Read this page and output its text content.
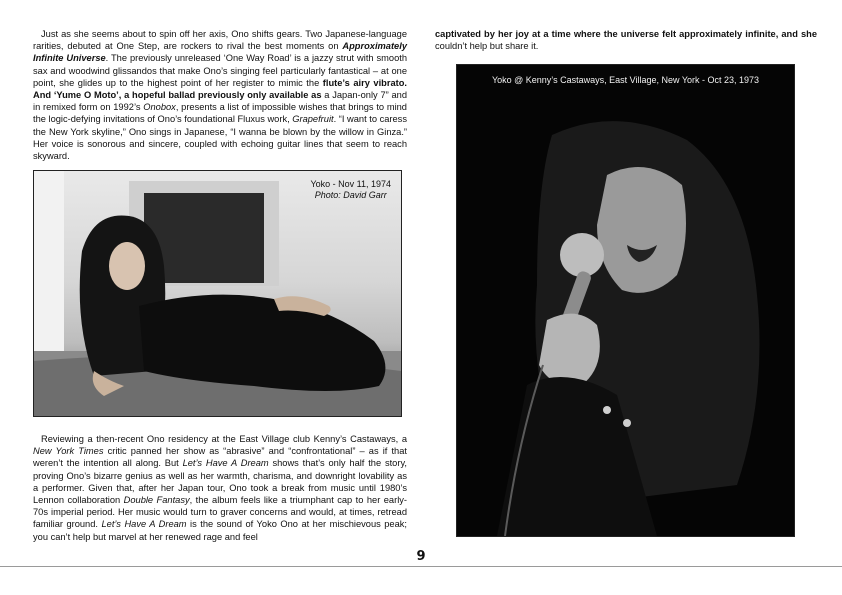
Just as she seems about to spin off her axis, Ono shifts gears. Two Japanese-language rarities, debuted at One Step, are rockers to rival the best moments on Approximately Infinite Universe. The previously unreleased ‘One Way Road’ is a jazzy strut with smooth sax and woodwind glissandos that make Ono’s singing feel particularly fantastical – at one point, she glides up to the highest point of her register to mimic the flute’s airy vibrato. And ‘Yume O Moto’, a hopeful ballad previously only available as a Japan-only 7” and in remixed form on 1992’s Onobox, presents a list of impossible wishes that brings to mind the logic-defying invitations of Ono’s foundational Fluxus work, Grapefruit. “I want to caress the New York skyline,” Ono sings in Japanese, “I wanna be blown by the willow in Ginza.” Her voice is sonorous and sincere, coupled with echoing guitar lines that seem to reach skyward.

Yoko - Nov 11, 1974
Photo: David Garr

Reviewing a then-recent Ono residency at the East Village club Kenny’s Castaways, a New York Times critic panned her show as “abrasive” and “confrontational” – as if that weren’t the intention all along. But Let’s Have A Dream shows that’s only half the story, proving Ono’s bizarre genius as well as her warmth, charisma, and downright lovability as a performer. Given that, after her Japan tour, Ono took a break from music until 1980’s Lennon collaboration Double Fantasy, the album feels like a triumphant cap to her early-70s imperial period. Her music would turn to graver concerns and would, at times, retread familiar ground. Let’s Have A Dream is the sound of Yoko Ono at her mischievous peak; you can’t help but marvel at her renewed rage and feel

captivated by her joy at a time where the universe felt approximately infinite, and she couldn’t help but share it.

Yoko @ Kenny’s Castaways, East Village, New York - Oct 23, 1973
9
